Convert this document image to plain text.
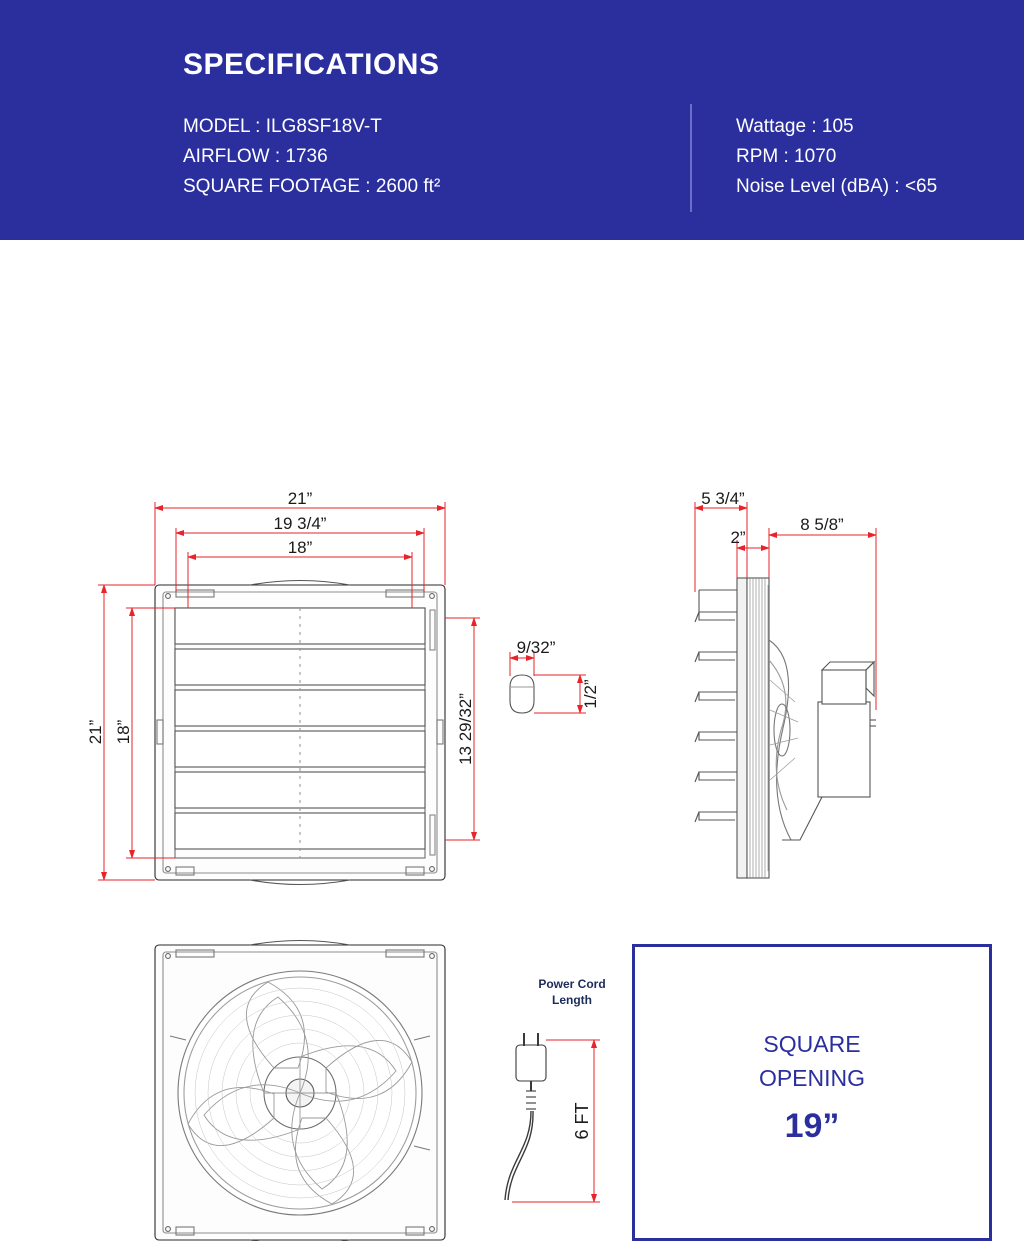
SPECIFICATIONS
MODEL : ILG8SF18V-T
AIRFLOW : 1736
SQUARE FOOTAGE : 2600 ft²
Wattage : 105
RPM : 1070
Noise Level (dBA) : <65
21”
19 3/4”
18”
21” 18”	13 29/32”
9/32”
1/2”
5 3/4”
2”
8 5/8”
6 FT
Power Cord
Length
SQUARE
OPENING
19”
